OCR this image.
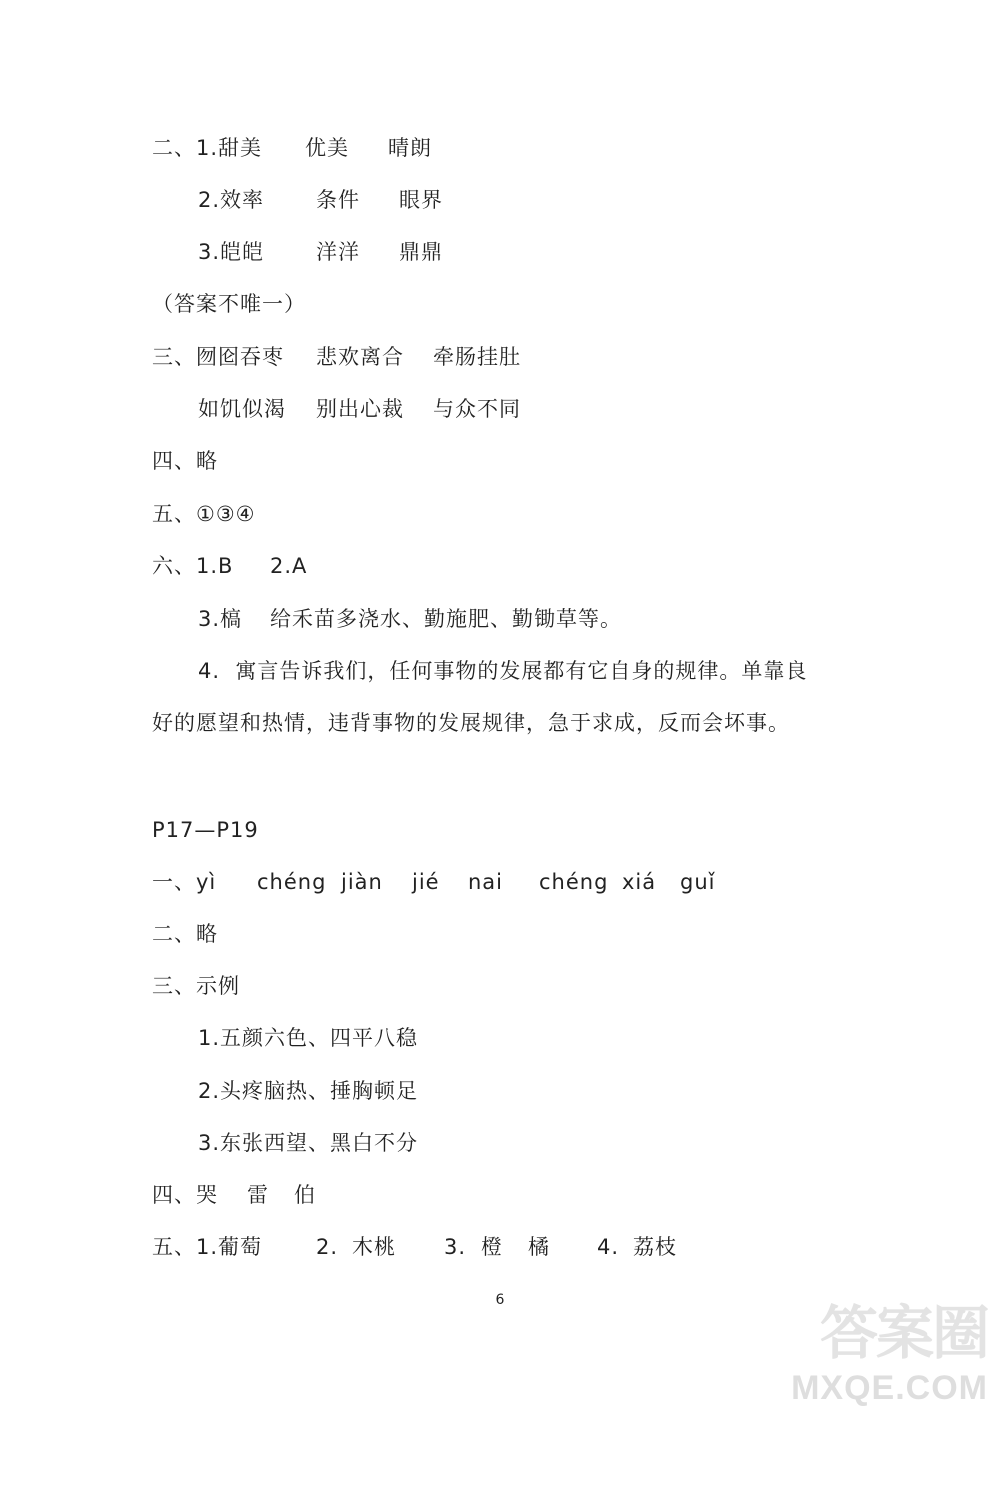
二、1.甜美

优美

晴朗

2.效率

条件

眼界

3.皑皑

洋洋

鼎鼎

（答案不唯一）

三、囫囵吞枣

悲欢离合

牵肠挂肚

如饥似渴

别出心裁

与众不同

四、略

五、①③④

六、1.B

2.A

3.槁

给禾苗多浇水、勤施肥、勤锄草等。

4.  寓言告诉我们，任何事物的发展都有它自身的规律。单靠良

好的愿望和热情，违背事物的发展规律，急于求成，反而会坏事。

P17—P19

一、yì

chéng

jiàn

jié

nai

chéng

xiá

guǐ

二、略

三、示例

1.五颜六色、四平八稳

2.头疼脑热、捶胸顿足

3.东张西望、黑白不分

四、哭

雷

伯

五、1.葡萄

	2.

木桃

3.

橙

橘

4.

荔枝

6	答案圈
MXQE.COM
